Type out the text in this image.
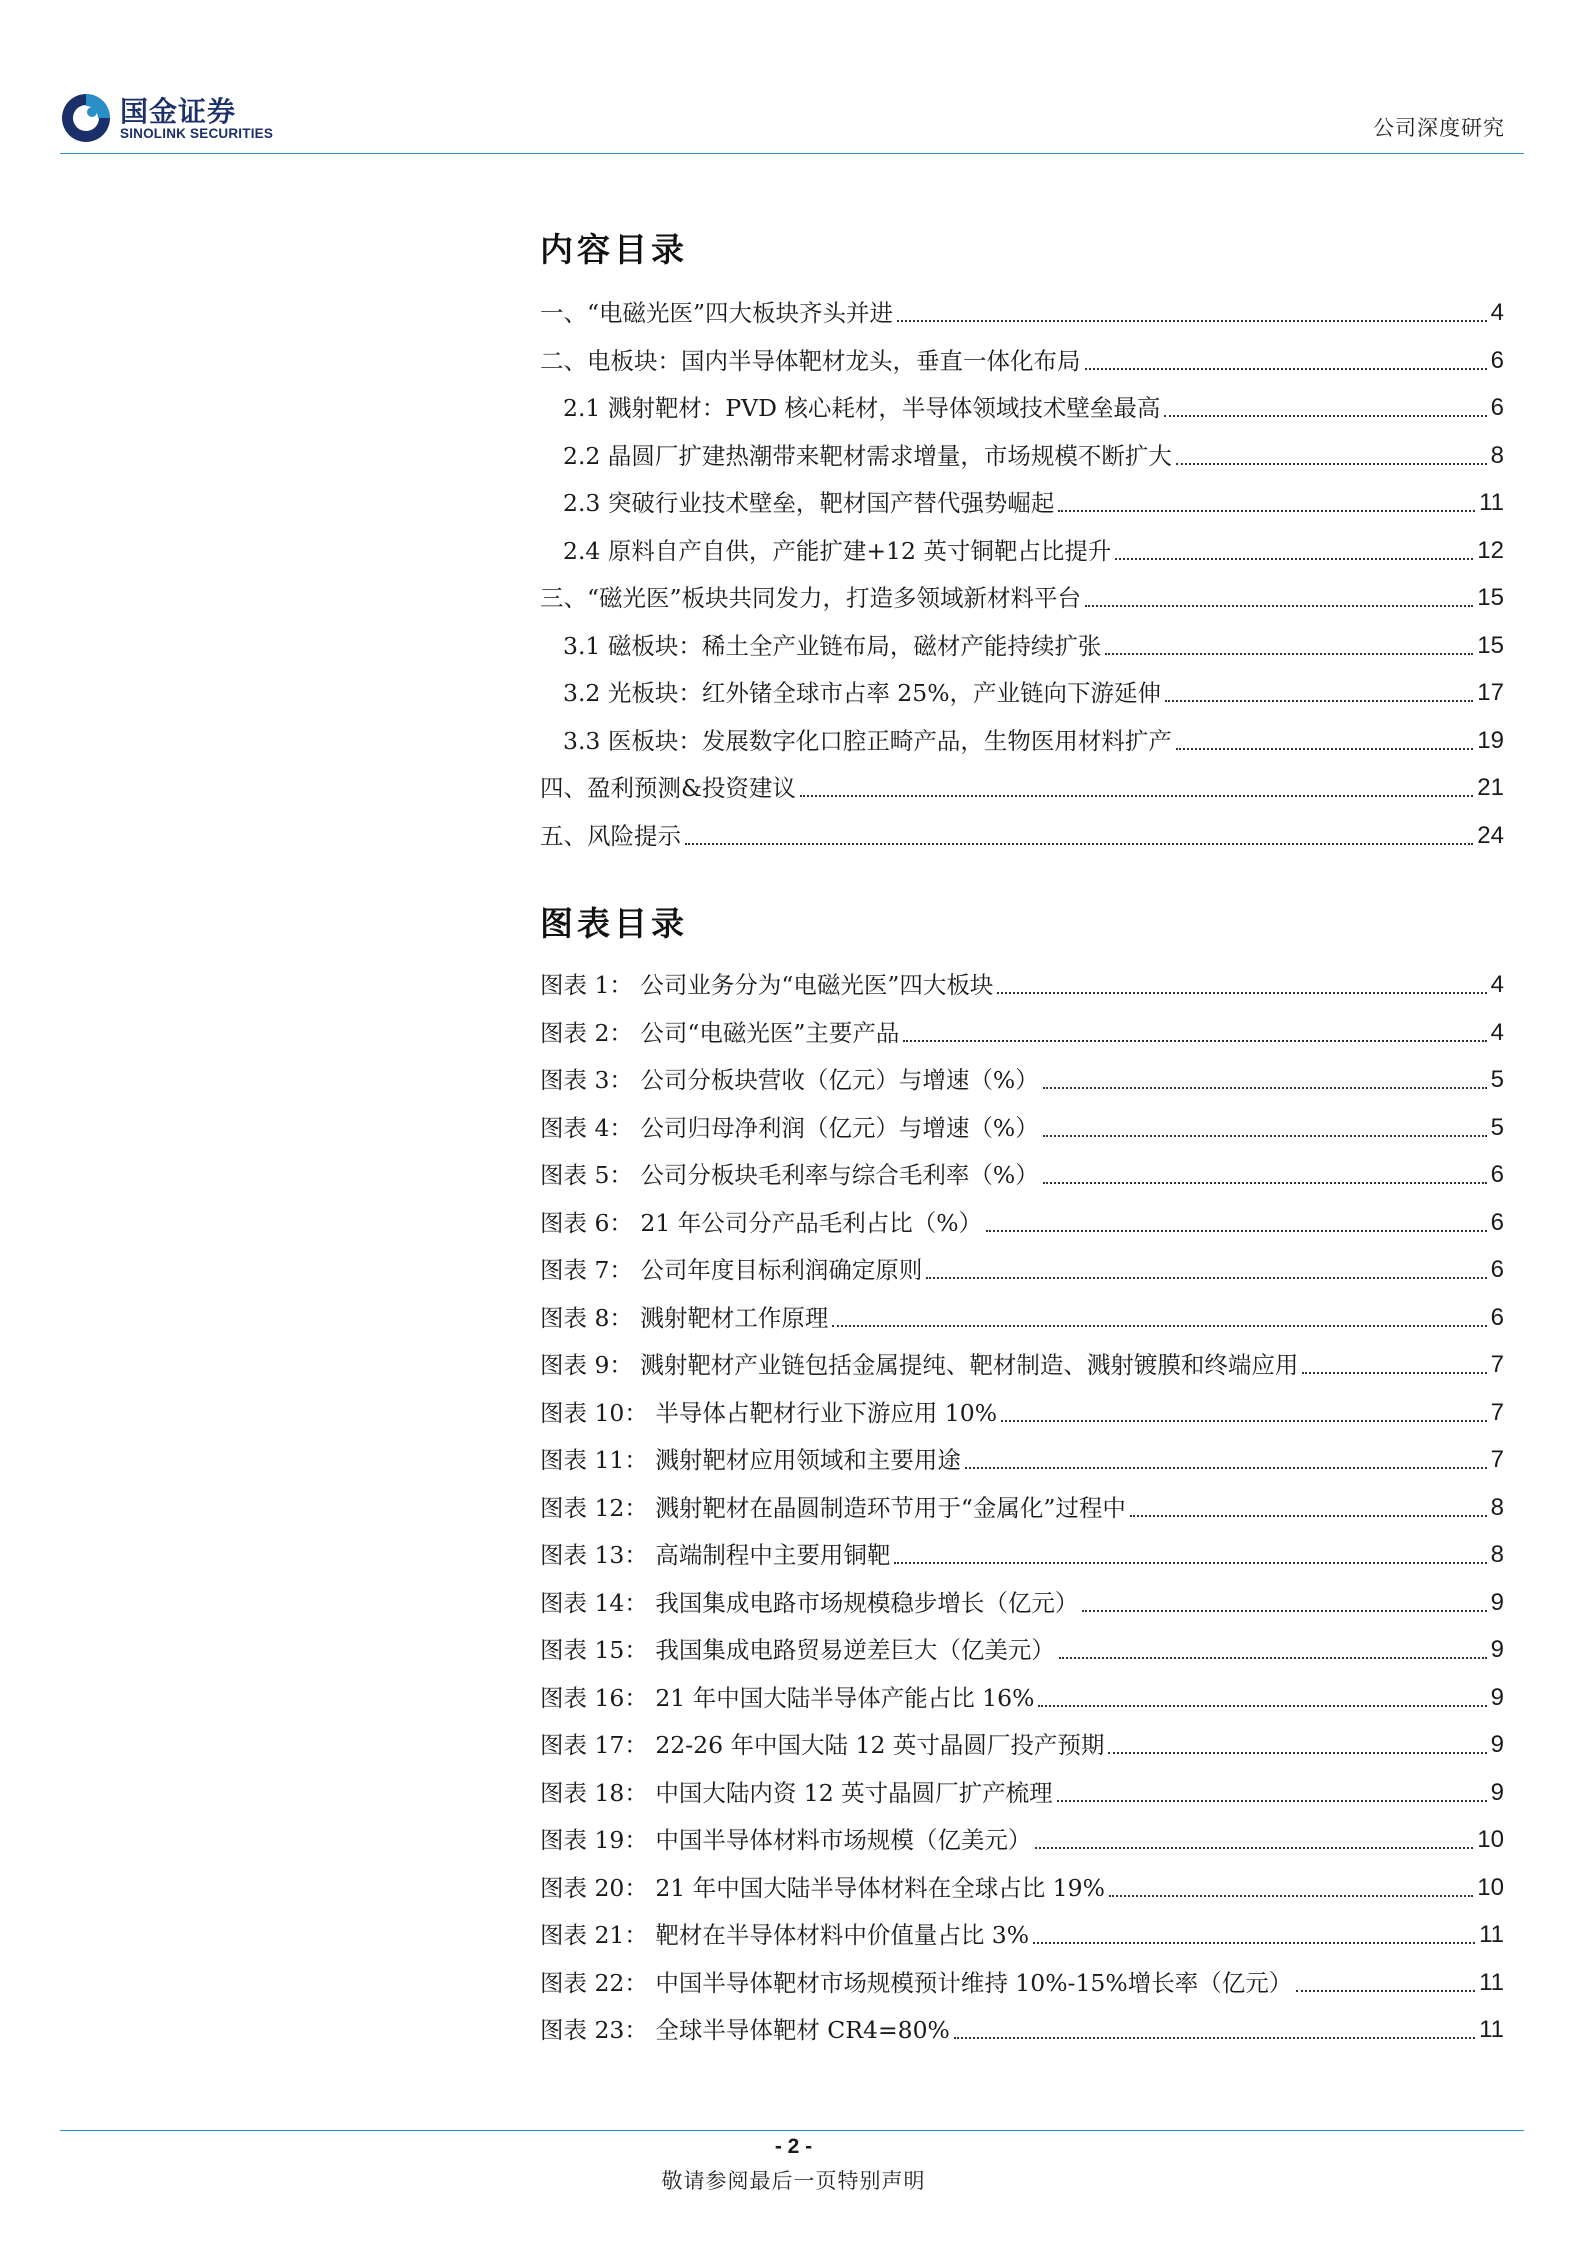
国金证券
SINOLINK SECURITIES	公司深度研究
内容目录
一、“电磁光医”四大板块齐头并进	4
二、电板块：国内半导体靶材龙头，垂直一体化布局	6
2.1 溅射靶材：PVD 核心耗材，半导体领域技术壁垒最高	6
2.2 晶圆厂扩建热潮带来靶材需求增量，市场规模不断扩大	8
2.3 突破行业技术壁垒，靶材国产替代强势崛起	11
2.4 原料自产自供，产能扩建+12 英寸铜靶占比提升	12
三、“磁光医”板块共同发力，打造多领域新材料平台	15
3.1 磁板块：稀土全产业链布局，磁材产能持续扩张	15
3.2 光板块：红外锗全球市占率 25%，产业链向下游延伸	17
3.3 医板块：发展数字化口腔正畸产品，生物医用材料扩产	19
四、盈利预测&投资建议	21
五、风险提示	24
图表目录
图表 1： 公司业务分为“电磁光医”四大板块	4
图表 2： 公司“电磁光医”主要产品	4
图表 3： 公司分板块营收（亿元）与增速（%）	5
图表 4： 公司归母净利润（亿元）与增速（%）	5
图表 5： 公司分板块毛利率与综合毛利率（%）	6
图表 6： 21 年公司分产品毛利占比（%）	6
图表 7： 公司年度目标利润确定原则	6
图表 8： 溅射靶材工作原理	6
图表 9： 溅射靶材产业链包括金属提纯、靶材制造、溅射镀膜和终端应用	7
图表 10： 半导体占靶材行业下游应用 10%	7
图表 11： 溅射靶材应用领域和主要用途	7
图表 12： 溅射靶材在晶圆制造环节用于“金属化”过程中	8
图表 13： 高端制程中主要用铜靶	8
图表 14： 我国集成电路市场规模稳步增长（亿元）	9
图表 15： 我国集成电路贸易逆差巨大（亿美元）	9
图表 16： 21 年中国大陆半导体产能占比 16%	9
图表 17： 22-26 年中国大陆 12 英寸晶圆厂投产预期	9
图表 18： 中国大陆内资 12 英寸晶圆厂扩产梳理	9
图表 19： 中国半导体材料市场规模（亿美元）	10
图表 20： 21 年中国大陆半导体材料在全球占比 19%	10
图表 21： 靶材在半导体材料中价值量占比 3%	11
图表 22： 中国半导体靶材市场规模预计维持 10%-15%增长率（亿元）	11
图表 23： 全球半导体靶材 CR4=80%	11
- 2 -
敬请参阅最后一页特别声明
